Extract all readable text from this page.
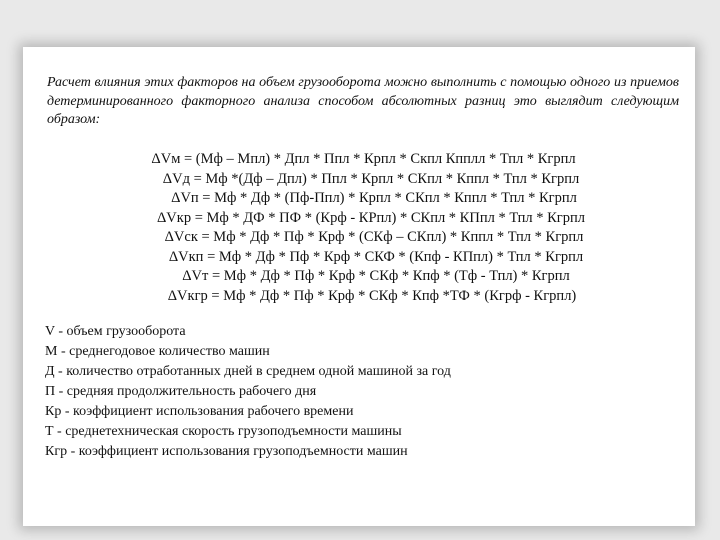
Расчет влияния этих факторов на объем грузооборота можно выполнить с помощью одного из приемов детерминированного факторного анализа способом абсолютных разниц это выглядит следующим образом:

ΔVм = (Мф – Мпл) * Дпл * Ппл * Крпл * Скпл Кпплл * Тпл * Кгрпл
ΔVд = Мф *(Дф – Дпл) * Ппл * Крпл * СКпл * Кппл * Тпл * Кгрпл
ΔVп = Мф * Дф * (Пф-Ппл) * Крпл * СКпл * Кппл * Тпл * Кгрпл
ΔVкр = Мф * ДФ * ПФ * (Крф - КРпл) * СКпл * КПпл * Тпл * Кгрпл
ΔVск = Мф * Дф * Пф * Крф * (СКф – СКпл) * Кппл * Тпл * Кгрпл
ΔVкп = Мф * Дф * Пф * Крф * СКФ * (Кпф - КПпл) * Тпл * Кгрпл
ΔVт = Мф * Дф * Пф * Крф * СКф * Кпф * (Тф - Тпл) * Кгрпл
ΔVкгр = Мф * Дф * Пф * Крф * СКф * Кпф *ТФ * (Кгрф - Кгрпл)
V - объем грузооборота
М - среднегодовое количество машин
Д - количество отработанных дней в среднем одной машиной за год
П - средняя продолжительность рабочего дня
Кр - коэффициент использования рабочего времени
Т - среднетехническая скорость грузоподъемности машины
Кгр - коэффициент использования грузоподъемности машин
